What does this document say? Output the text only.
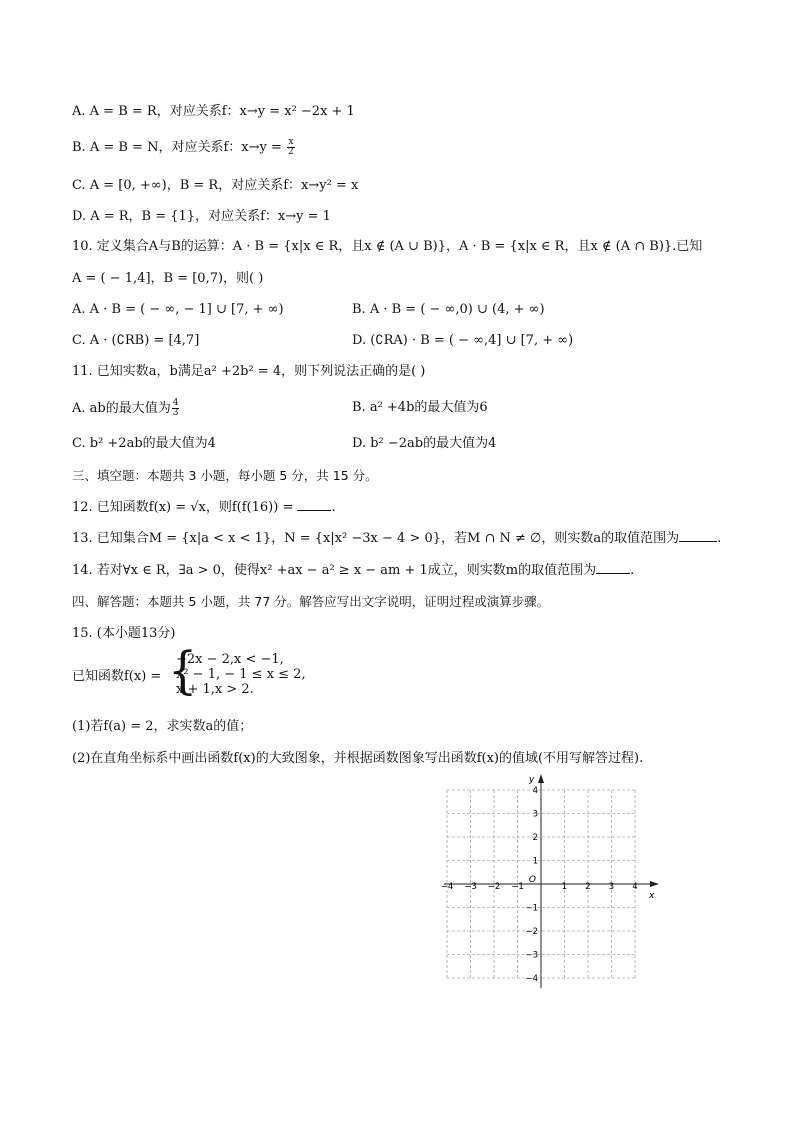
A. A = B = R，对应关系f：x→y = x² −2x + 1
B. A = B = N，对应关系f：$x\to y = \frac{x}{2}$
C. A = [0, +∞)，B = R，对应关系f：x→y² = x
D. A = R，B = {1}，对应关系f：x→y = 1
10. 定义集合A与B的运算：A · B = {x|x ∈ R，且x ∉ (A ∪ B)}，A · B = {x|x ∈ R，且x ∉ (A ∩ B)}.已知
A = ( − 1,4]，B = [0,7)，则( )
A. A · B = ( − ∞, − 1] ∪ [7, + ∞)	B. A · B = ( − ∞,0) ∪ (4, + ∞)
C. A · (∁RB) = [4,7]	D. (∁RA) · B = ( − ∞,4] ∪ [7, + ∞)
11. 已知实数a，b满足a² +2b² = 4，则下列说法正确的是( )
A. ab的最大值为 $\frac{4}{3}$	B. a² +4b的最大值为6
C. b² +2ab的最大值为4	D. b² −2ab的最大值为4
三、填空题：本题共 3 小题，每小题 5 分，共 15 分。
12. 已知函数f(x) = √x，则f(f(16)) =	.
13. 已知集合M = {x|a < x < 1}，N = {x|x² −3x − 4 > 0}，若M ∩ N ≠ ∅，则实数a的取值范围为	.
14. 若对∀x ∈ R，∃a > 0，使得x² +ax − a² ≥ x − am + 1成立，则实数m的取值范围为	.
四、解答题：本题共 5 小题，共 77 分。解答应写出文字说明，证明过程或演算步骤。
15. (本小题13分)
已知函数f(x) = {
−2x − 2,x < −1,
x² − 1, − 1 ≤ x ≤ 2,
x + 1,x > 2.
(1)若f(a) = 2，求实数a的值；
(2)在直角坐标系中画出函数f(x)的大致图象，并根据函数图象写出函数f(x)的值域(不用写解答过程).
x
y
O
−4 −3 −2 −1	1 2 3 4
4
3
2
1
−1
−2
−3
−4
